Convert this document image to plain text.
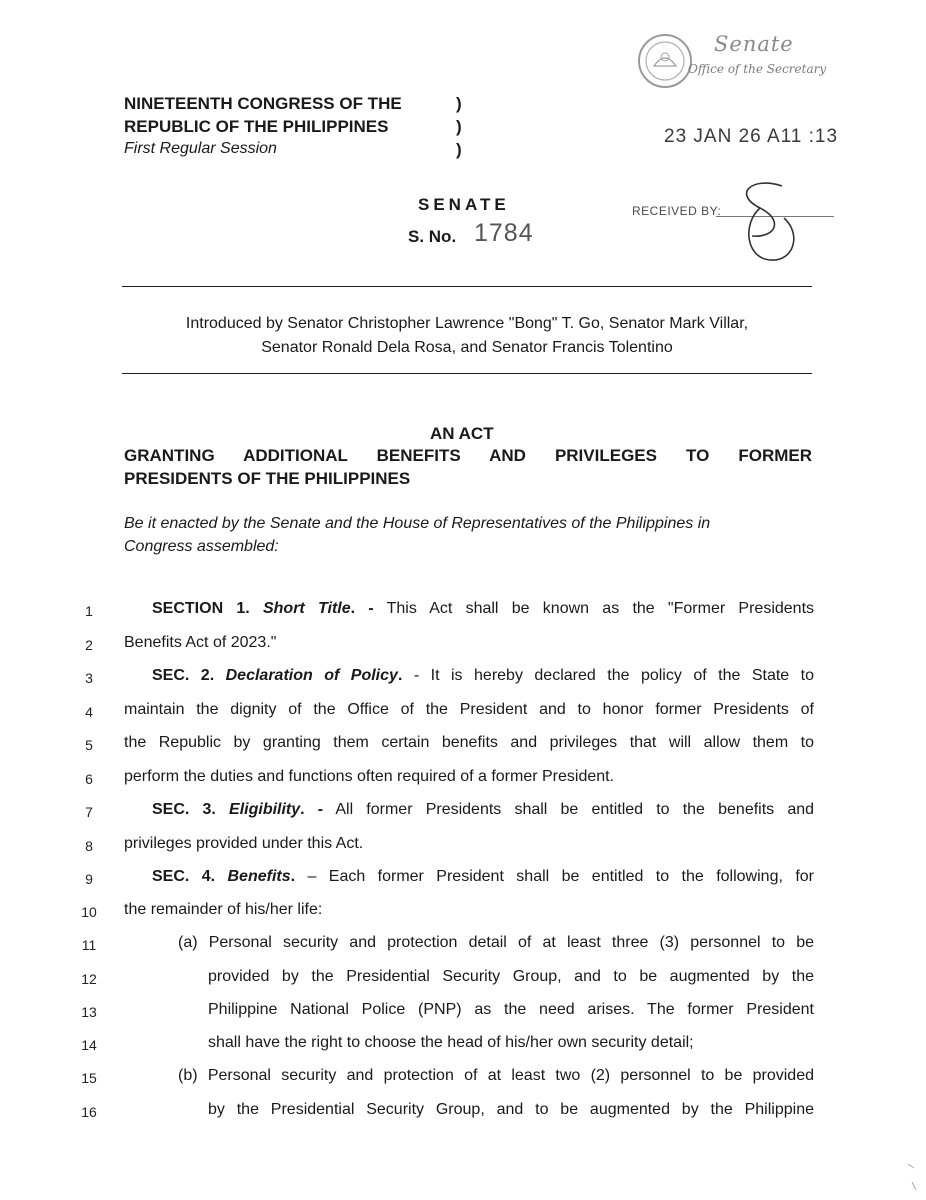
Senate
Office of the Secretary
NINETEENTH CONGRESS OF THE
REPUBLIC OF THE PHILIPPINES
First Regular Session
)
)
)
23 JAN 26 A11 :13
SENATE
S. No. 1784
RECEIVED BY:
Introduced by Senator Christopher Lawrence "Bong" T. Go, Senator Mark Villar,
Senator Ronald Dela Rosa, and Senator Francis Tolentino
AN ACT
GRANTING ADDITIONAL BENEFITS AND PRIVILEGES TO FORMER
PRESIDENTS OF THE PHILIPPINES
Be it enacted by the Senate and the House of Representatives of the Philippines in
Congress assembled:
1
2
3
4
5
6
7
8
9
10
11
12
13
14
15
16
SECTION 1. Short Title. - This Act shall be known as the "Former Presidents
Benefits Act of 2023."
SEC. 2. Declaration of Policy. - It is hereby declared the policy of the State to
maintain the dignity of the Office of the President and to honor former Presidents of
the Republic by granting them certain benefits and privileges that will allow them to
perform the duties and functions often required of a former President.
SEC. 3. Eligibility. - All former Presidents shall be entitled to the benefits and
privileges provided under this Act.
SEC. 4. Benefits. – Each former President shall be entitled to the following, for
the remainder of his/her life:
(a) Personal security and protection detail of at least three (3) personnel to be
provided by the Presidential Security Group, and to be augmented by the
Philippine National Police (PNP) as the need arises. The former President
shall have the right to choose the head of his/her own security detail;
(b) Personal security and protection of at least two (2) personnel to be provided
by the Presidential Security Group, and to be augmented by the Philippine
